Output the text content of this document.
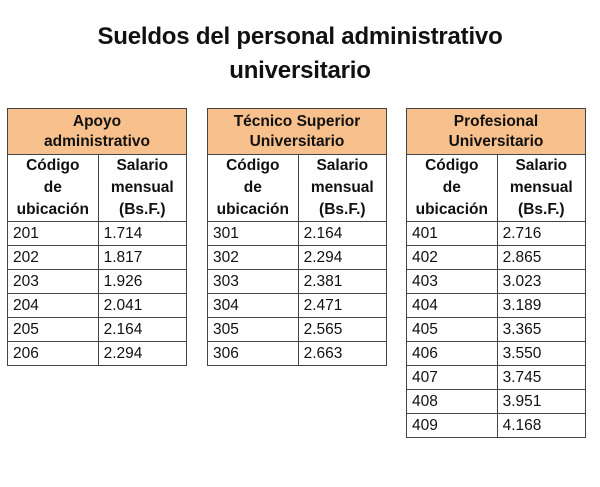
Sueldos del personal administrativo
universitario
Apoyo
administrativo	

Código
de
ubicación	Salario
mensual
(Bs.F.)

201	1.714
202	1.817
203	1.926
204	2.041
205	2.164
206	2.294
Técnico Superior
Universitario	

Código
de
ubicación	Salario
mensual
(Bs.F.)

301	2.164
302	2.294
303	2.381
304	2.471
305	2.565
306	2.663
Profesional
Universitario	

Código
de
ubicación	Salario
mensual
(Bs.F.)

401	2.716
402	2.865
403	3.023
404	3.189
405	3.365
406	3.550
407	3.745
408	3.951
409	4.168
